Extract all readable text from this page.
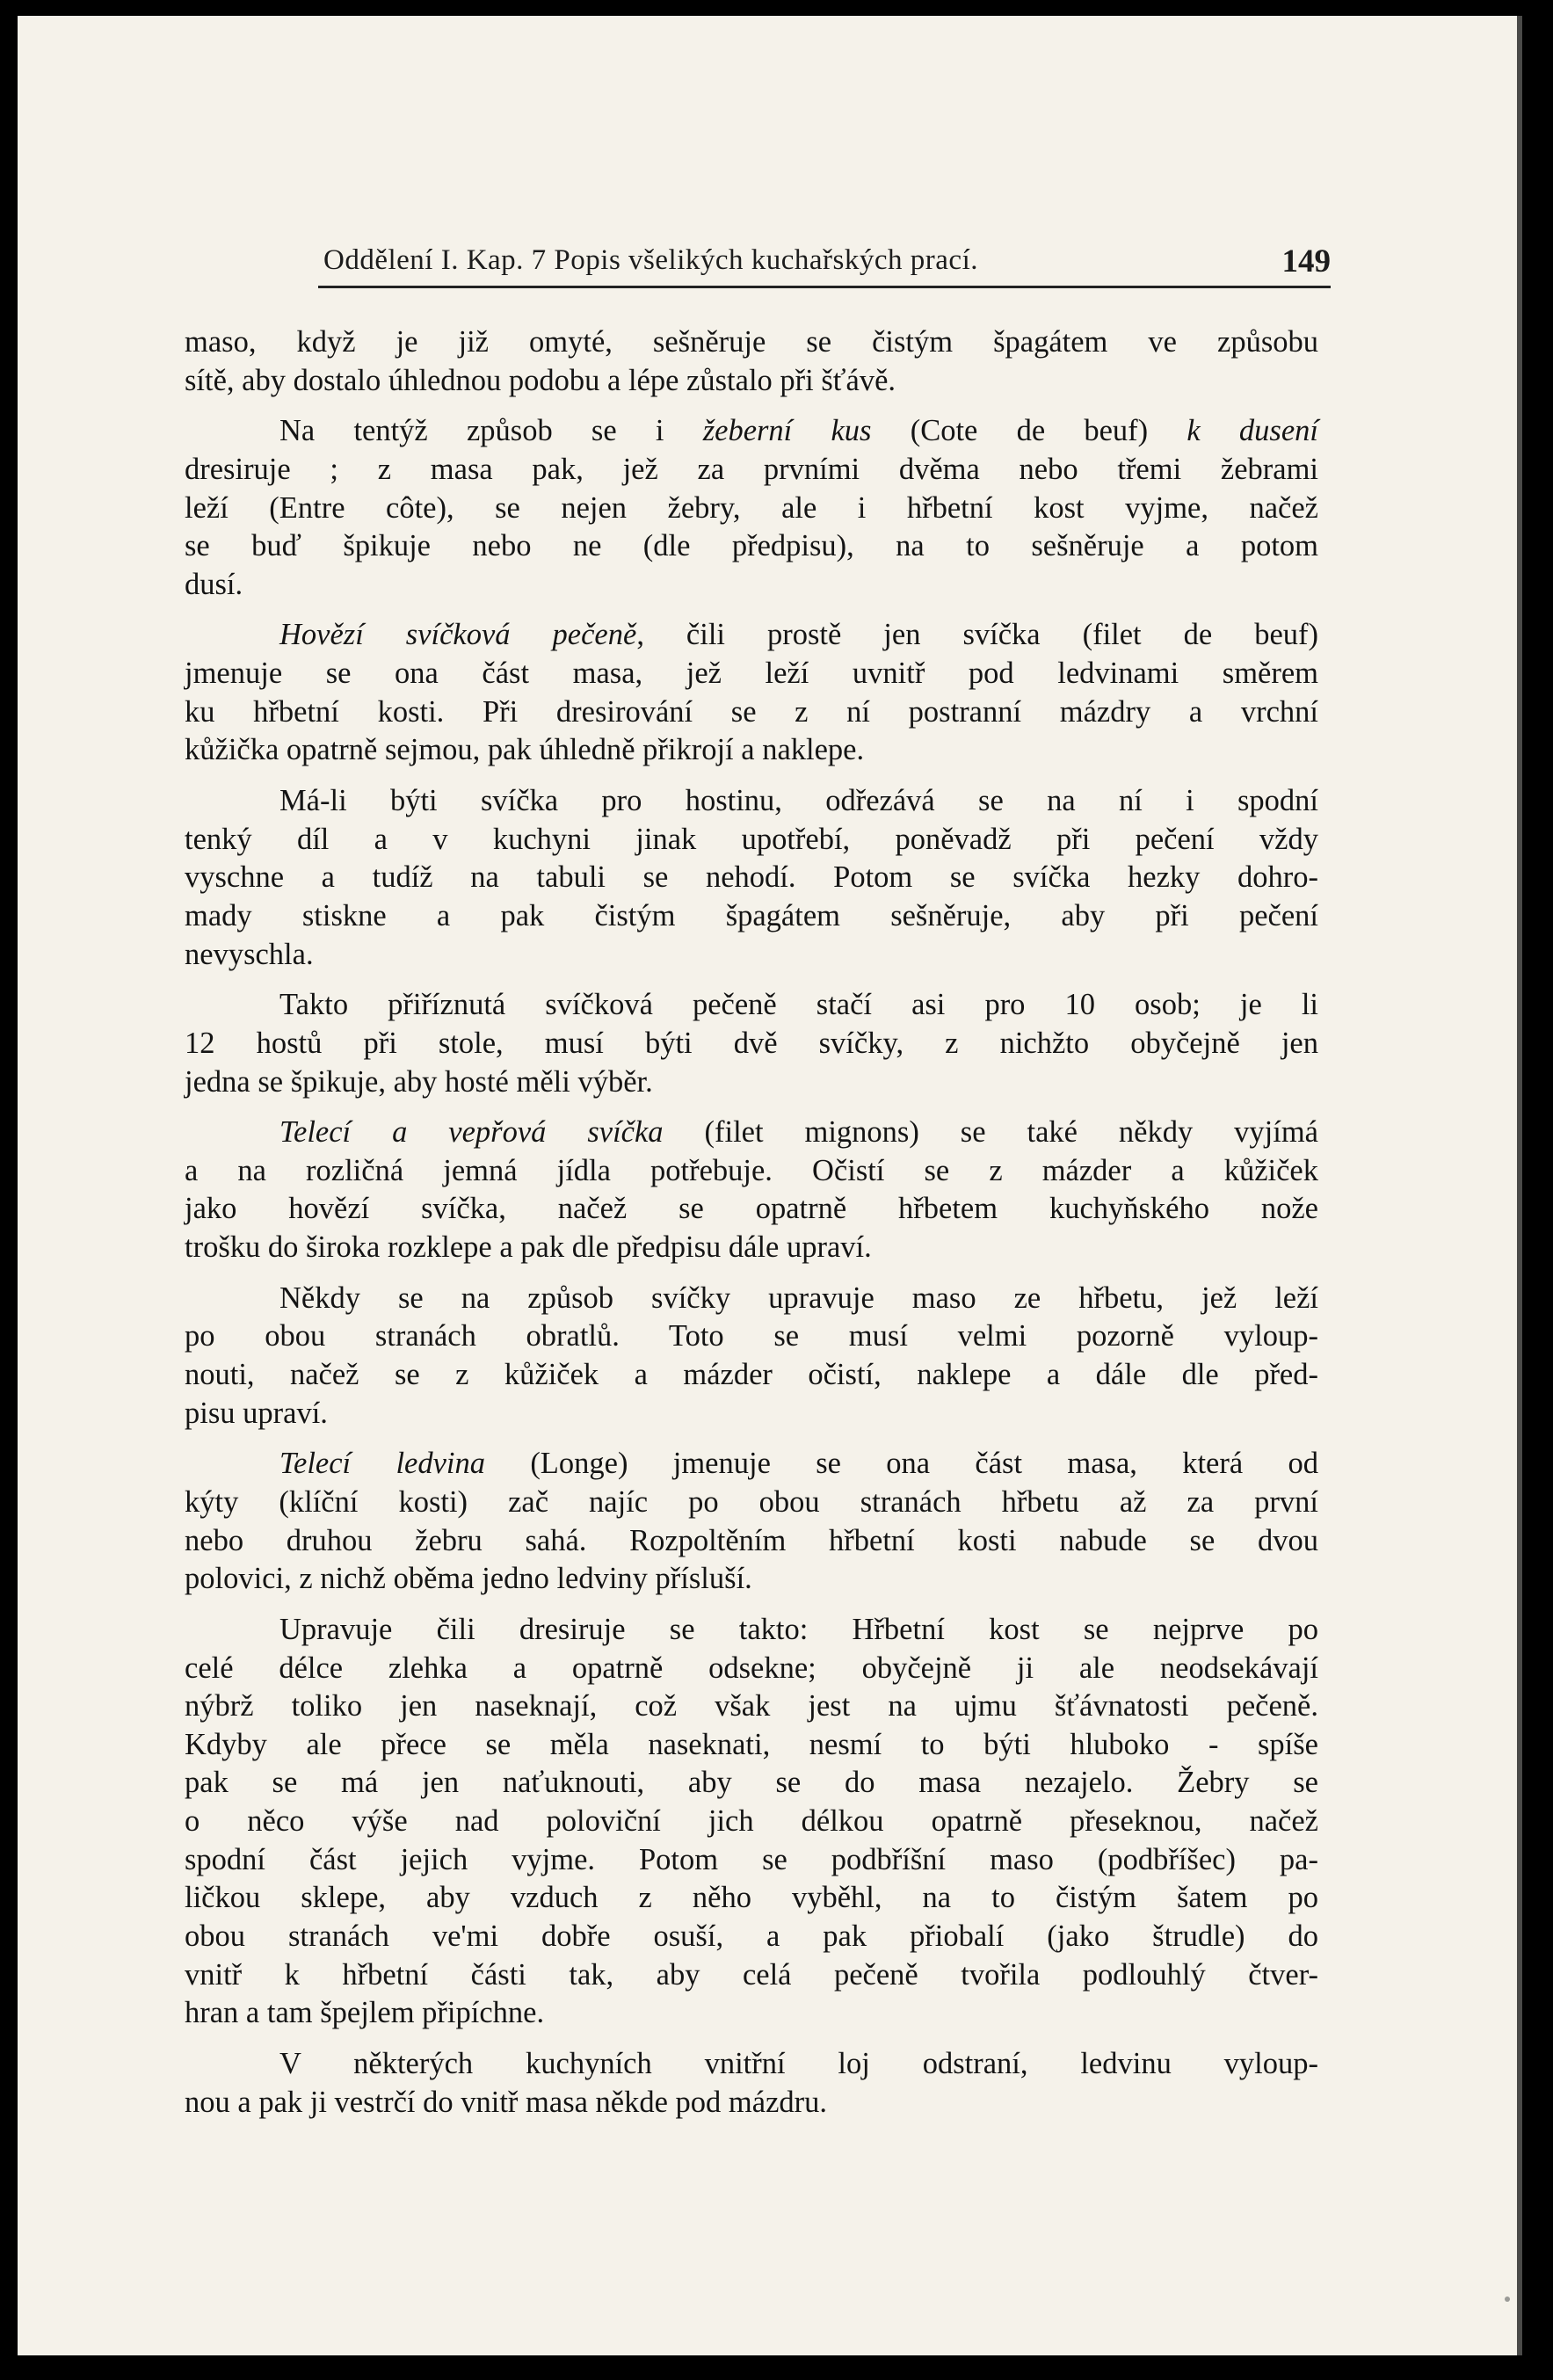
Oddělení I. Kap. 7 Popis všelikých kuchařských prací.	149
maso, když je již omyté, sešněruje se čistým špagátem ve způsobu
sítě, aby dostalo úhlednou podobu a lépe zůstalo při šťávě.
Na tentýž způsob se i žeberní kus (Cote de beuf) k dusení
dresiruje ; z masa pak, jež za prvními dvěma nebo třemi žebrami
leží (Entre côte), se nejen žebry, ale i hřbetní kost vyjme, načež
se buď špikuje nebo ne (dle předpisu), na to sešněruje a potom
dusí.
Hovězí svíčková pečeně, čili prostě jen svíčka (filet de beuf)
jmenuje se ona část masa, jež leží uvnitř pod ledvinami směrem
ku hřbetní kosti. Při dresirování se z ní postranní mázdry a vrchní
kůžička opatrně sejmou, pak úhledně přikrojí a naklepe.
Má-li býti svíčka pro hostinu, odřezává se na ní i spodní
tenký díl a v kuchyni jinak upotřebí, poněvadž při pečení vždy
vyschne a tudíž na tabuli se nehodí. Potom se svíčka hezky dohro-
mady stiskne a pak čistým špagátem sešněruje, aby při pečení
nevyschla.
Takto přiříznutá svíčková pečeně stačí asi pro 10 osob; je li
12 hostů při stole, musí býti dvě svíčky, z nichžto obyčejně jen
jedna se špikuje, aby hosté měli výběr.
Telecí a vepřová svíčka (filet mignons) se také někdy vyjímá
a na rozličná jemná jídla potřebuje. Očistí se z mázder a kůžiček
jako hovězí svíčka, načež se opatrně hřbetem kuchyňského nože
trošku do široka rozklepe a pak dle předpisu dále upraví.
Někdy se na způsob svíčky upravuje maso ze hřbetu, jež leží
po obou stranách obratlů. Toto se musí velmi pozorně vyloup-
nouti, načež se z kůžiček a mázder očistí, naklepe a dále dle před-
pisu upraví.
Telecí ledvina (Longe) jmenuje se ona část masa, která od
kýty (klíční kosti) zač najíc po obou stranách hřbetu až za první
nebo druhou žebru sahá. Rozpoltěním hřbetní kosti nabude se dvou
polovici, z nichž oběma jedno ledviny přísluší.
Upravuje čili dresiruje se takto: Hřbetní kost se nejprve po
celé délce zlehka a opatrně odsekne; obyčejně ji ale neodsekávají
nýbrž toliko jen naseknají, což však jest na ujmu šťávnatosti pečeně.
Kdyby ale přece se měla naseknati, nesmí to býti hluboko - spíše
pak se má jen naťuknouti, aby se do masa nezajelo. Žebry se
o něco výše nad poloviční jich délkou opatrně přeseknou, načež
spodní část jejich vyjme. Potom se podbříšní maso (podbříšec) pa-
ličkou sklepe, aby vzduch z něho vyběhl, na to čistým šatem po
obou stranách ve'mi dobře osuší, a pak přiobalí (jako štrudle) do
vnitř k hřbetní části tak, aby celá pečeně tvořila podlouhlý čtver-
hran a tam špejlem připíchne.
V některých kuchyních vnitřní loj odstraní, ledvinu vyloup-
nou a pak ji vestrčí do vnitř masa někde pod mázdru.
